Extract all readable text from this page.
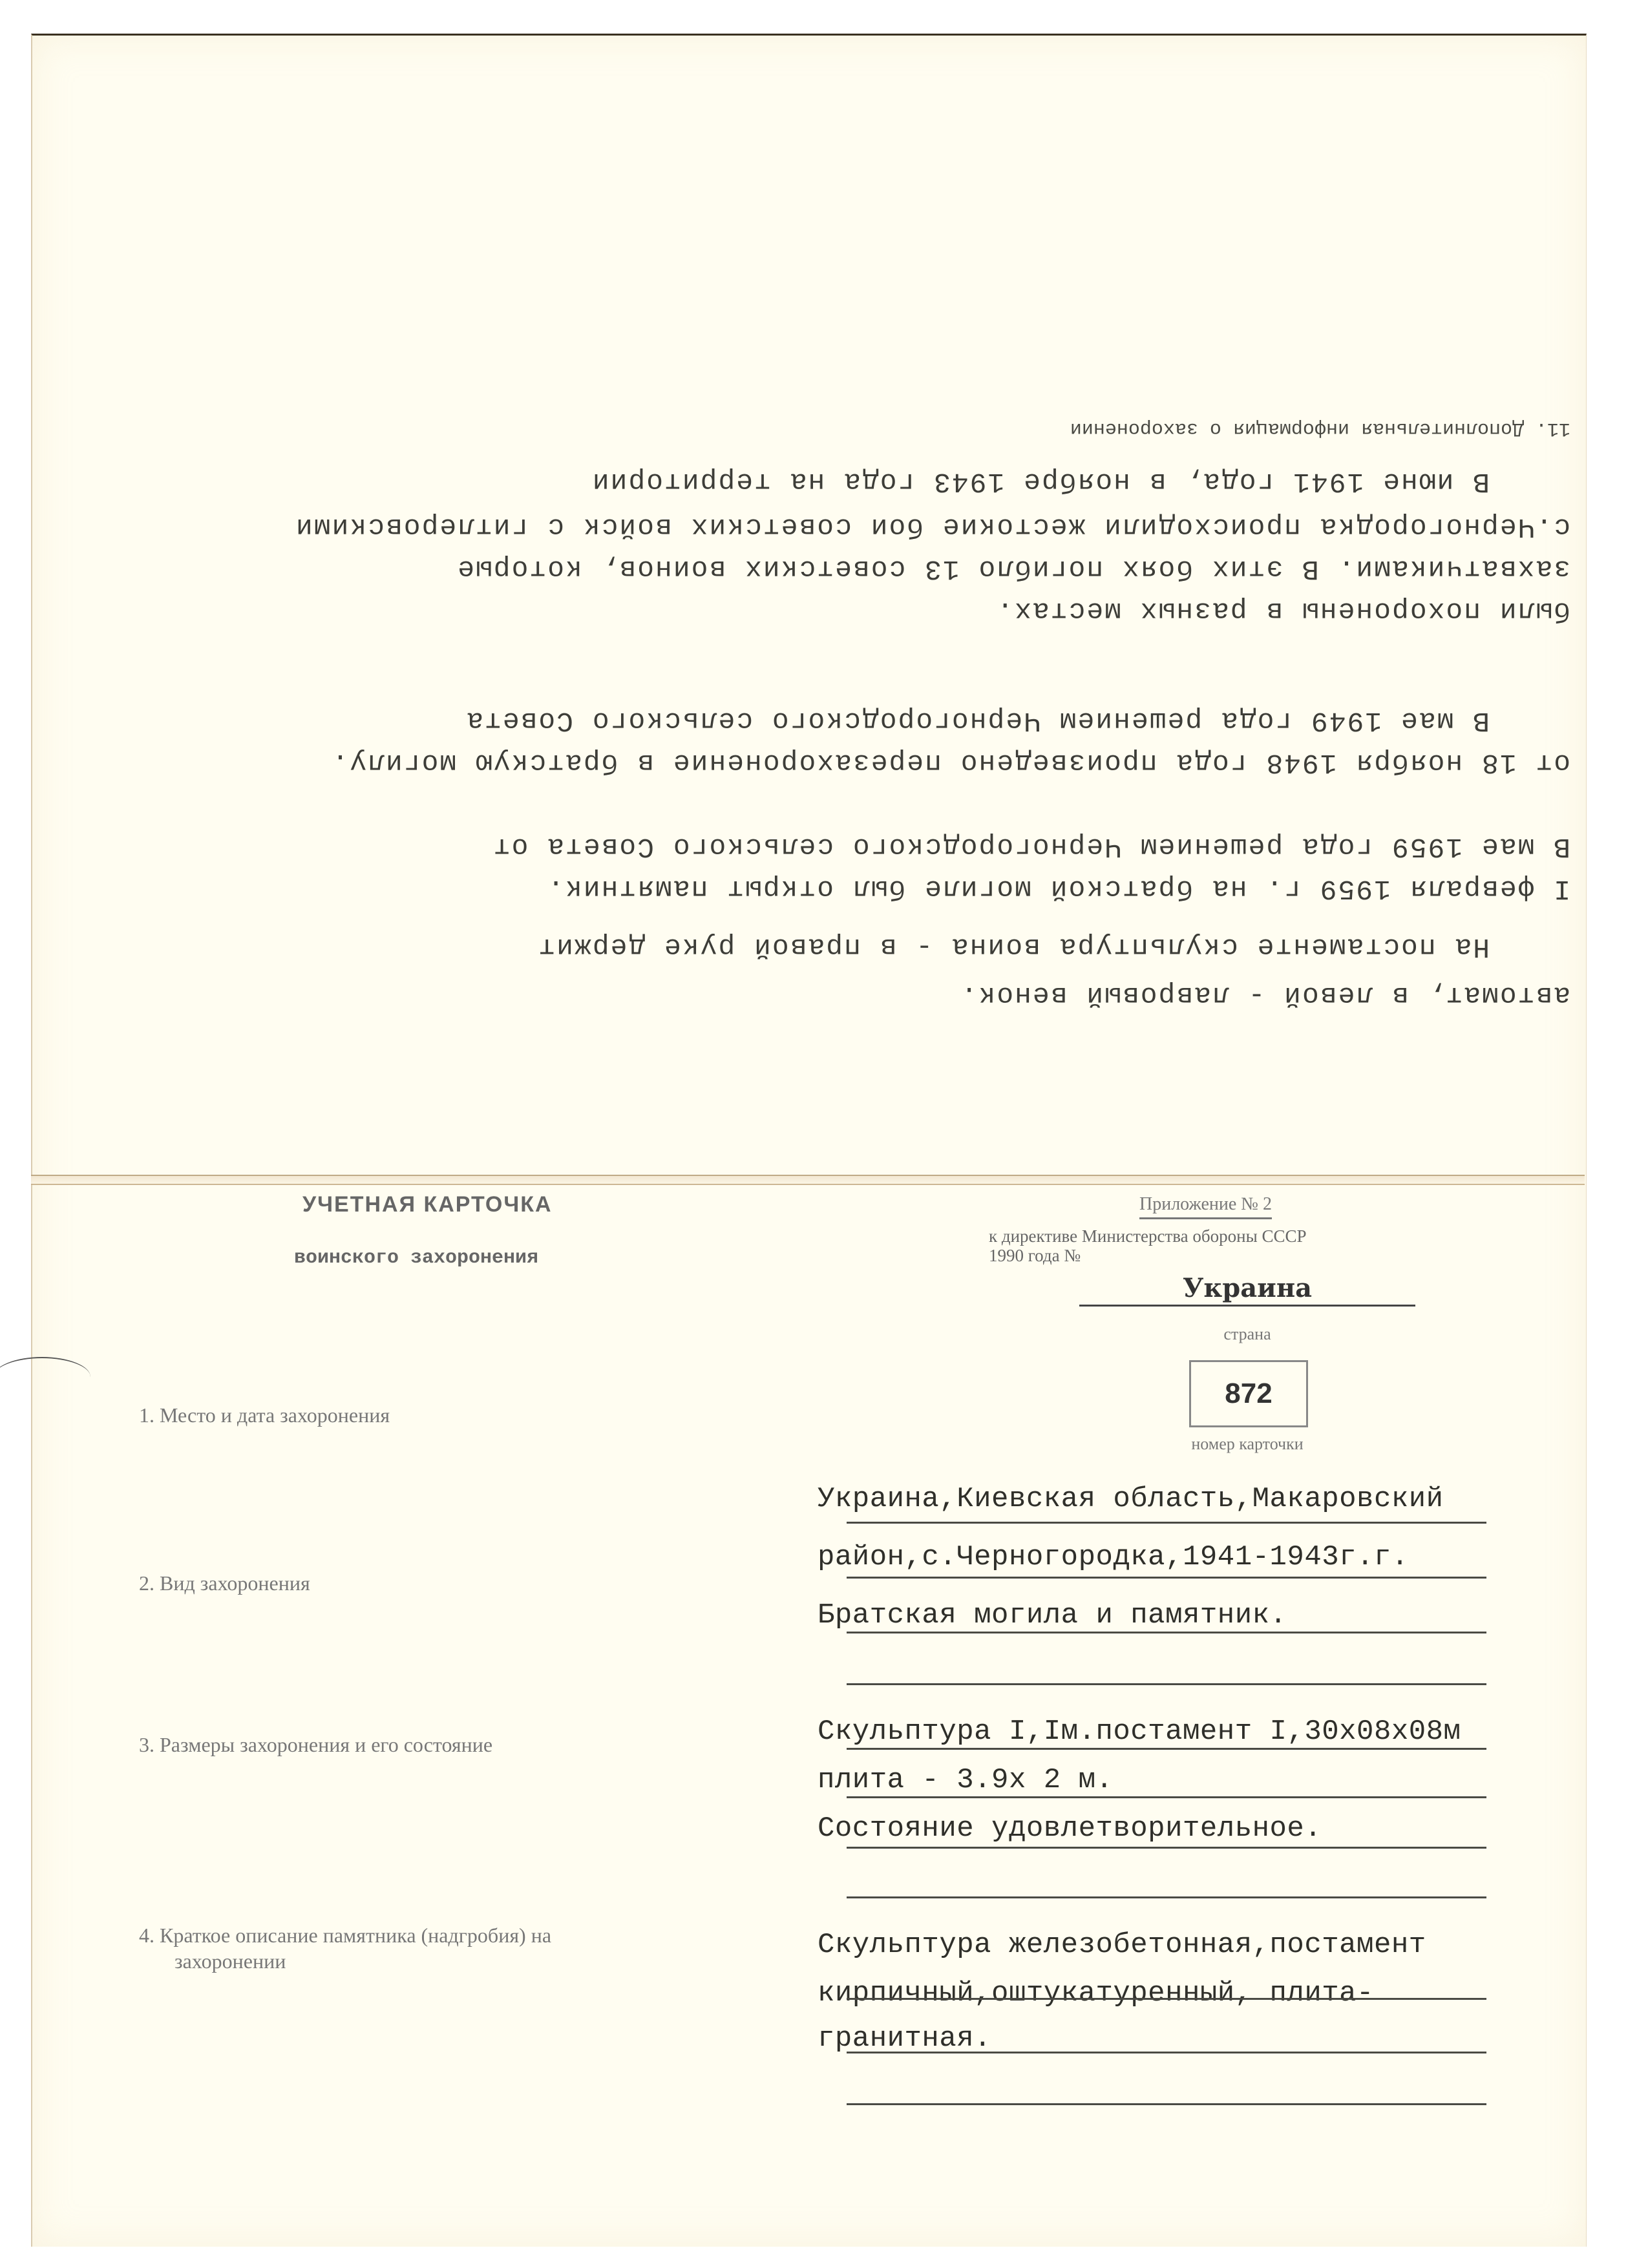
11. Дополнительная информация о захоронении
В июне 1941 года, в ноябре 1943 года на территории
с.Черногородка происходили жестокие бои советских войск с гитлеровскими
захватчиками. В этих боях погибло 13 советских воинов, которые
были похоронены в разных местах.
В мае 1949 года решением Черногородского сельского Совета
от 18 ноября 1948 года произведено перезахоронение в братскую могилу.
В мае 1959 года решением Черногородского сельского Совета от
I февраля 1959 г. на братской могиле был открыт памятник.
На постаменте скульптура воина - в правой руке держит
автомат, в левой - лавровый венок.
УЧЕТНАЯ КАРТОЧКА
воинского захоронения
Приложение № 2
к директиве Министерства обороны СССР
1990 года №
Украина
страна
872
номер карточки
1. Место и дата захоронения
Украина,Киевская область,Макаровский
район,с.Черногородка,1941-1943г.г.
2. Вид захоронения
Братская могила и памятник.
3. Размеры захоронения и его состояние	Скульптура I,Iм.постамент I,30х08х08м
плита - 3.9х 2 м.
Состояние удовлетворительное.
4. Краткое описание памятника (надгробия) на
захоронении	Скульптура железобетонная,постамент
кирпичный,оштукатуренный, плита-
гранитная.
